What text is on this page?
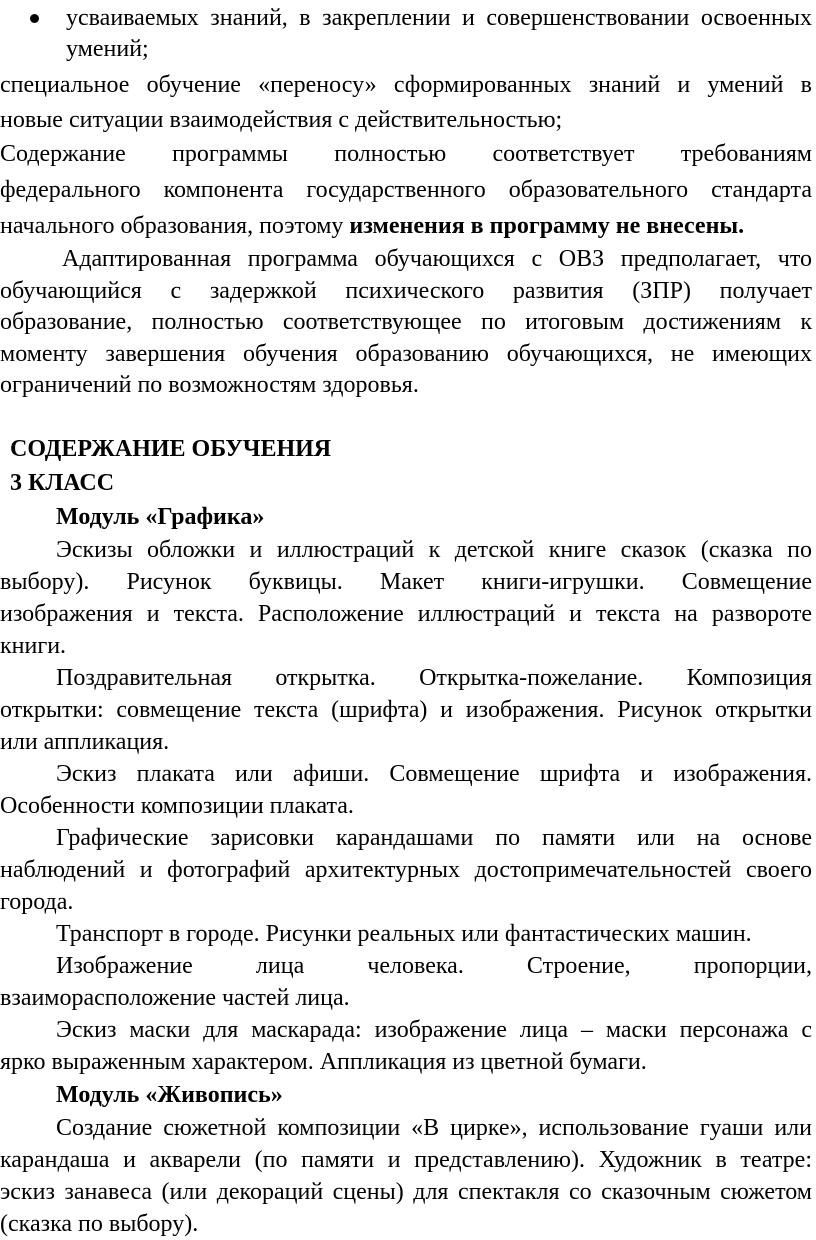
усваиваемых знаний, в закреплении и совершенствовании освоенных
умений;
специальное обучение «переносу» сформированных знаний и умений в
новые ситуации взаимодействия с действительностью;
Содержание программы полностью соответствует требованиям
федерального компонента государственного образовательного стандарта
начального образования, поэтому изменения в программу не внесены.
Адаптированная программа обучающихся с ОВЗ предполагает, что
обучающийся с задержкой психического развития (ЗПР) получает
образование, полностью соответствующее по итоговым достижениям к
моменту завершения обучения образованию обучающихся, не имеющих
ограничений по возможностям здоровья.
СОДЕРЖАНИЕ ОБУЧЕНИЯ
3 КЛАСС
Модуль «Графика»
Эскизы обложки и иллюстраций к детской книге сказок (сказка по
выбору). Рисунок буквицы. Макет книги-игрушки. Совмещение
изображения и текста. Расположение иллюстраций и текста на развороте
книги.
Поздравительная открытка. Открытка-пожелание. Композиция
открытки: совмещение текста (шрифта) и изображения. Рисунок открытки
или аппликация.
Эскиз плаката или афиши. Совмещение шрифта и изображения.
Особенности композиции плаката.
Графические зарисовки карандашами по памяти или на основе
наблюдений и фотографий архитектурных достопримечательностей своего
города.
Транспорт в городе. Рисунки реальных или фантастических машин.
Изображение лица человека. Строение, пропорции,
взаиморасположение частей лица.
Эскиз маски для маскарада: изображение лица – маски персонажа с
ярко выраженным характером. Аппликация из цветной бумаги.
Модуль «Живопись»
Создание сюжетной композиции «В цирке», использование гуаши или
карандаша и акварели (по памяти и представлению). Художник в театре:
эскиз занавеса (или декораций сцены) для спектакля со сказочным сюжетом
(сказка по выбору).
